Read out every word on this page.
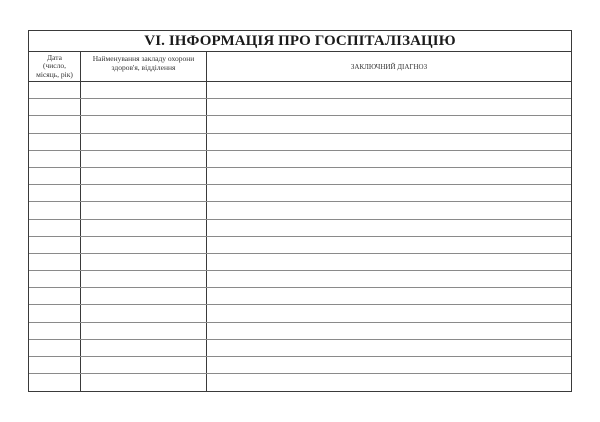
VI. ІНФОРМАЦІЯ ПРО ГОСПІТАЛІЗАЦІЮ
Дата
(число,
місяць, рік)
Найменування закладу охорони
здоров'я, відділення	ЗАКЛЮЧНИЙ ДІАГНОЗ
